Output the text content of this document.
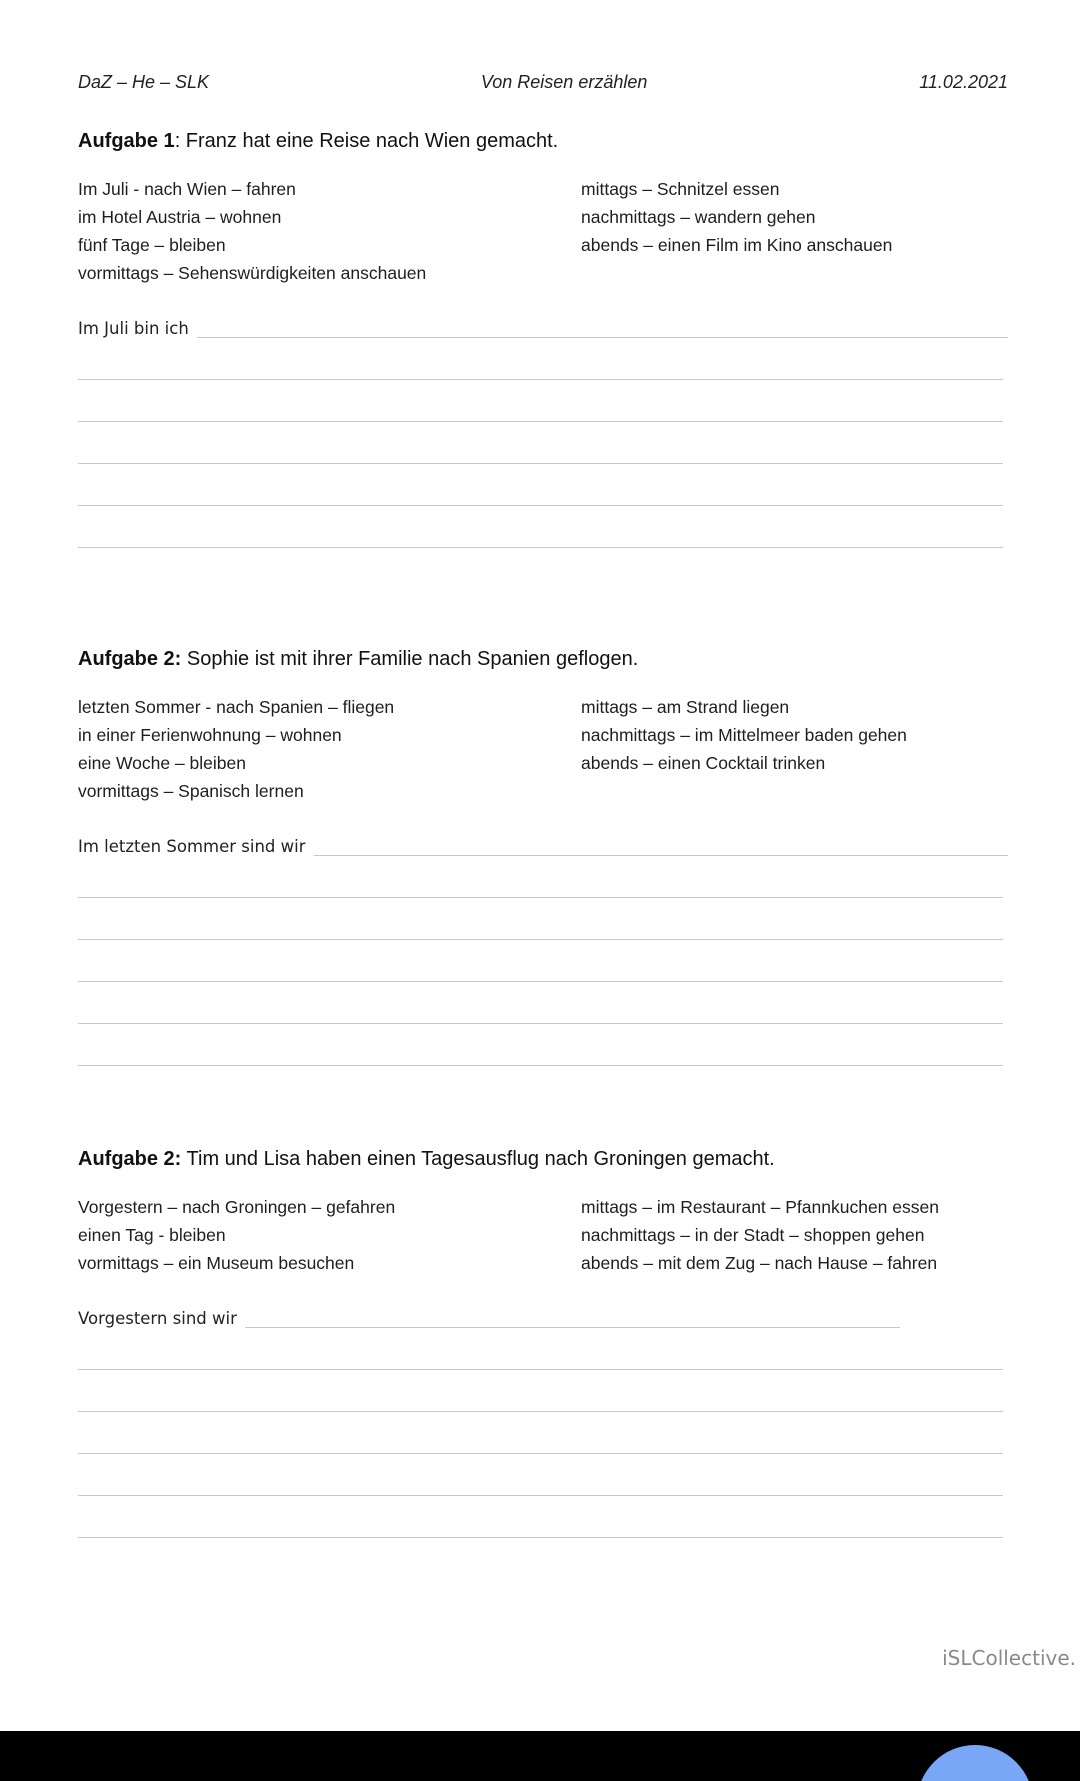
DaZ – He – SLK	Von Reisen erzählen	11.02.2021
Aufgabe 1: Franz hat eine Reise nach Wien gemacht.
Im Juli - nach Wien – fahren
im Hotel Austria – wohnen
fünf Tage – bleiben
vormittags – Sehenswürdigkeiten anschauen
mittags – Schnitzel essen
nachmittags – wandern gehen
abends – einen Film im Kino anschauen
Im Juli bin ich
Aufgabe 2: Sophie ist mit ihrer Familie nach Spanien geflogen.
letzten Sommer - nach Spanien – fliegen
in einer Ferienwohnung – wohnen
eine Woche – bleiben
vormittags – Spanisch lernen
mittags – am Strand liegen
nachmittags – im Mittelmeer baden gehen
abends – einen Cocktail trinken
Im letzten Sommer sind wir
Aufgabe 2: Tim und Lisa haben einen Tagesausflug nach Groningen gemacht.
Vorgestern – nach Groningen – gefahren
einen Tag - bleiben
vormittags – ein Museum besuchen
mittags – im Restaurant – Pfannkuchen essen
nachmittags – in der Stadt – shoppen gehen
abends – mit dem Zug – nach Hause – fahren
Vorgestern sind wir
iSLCollective.
